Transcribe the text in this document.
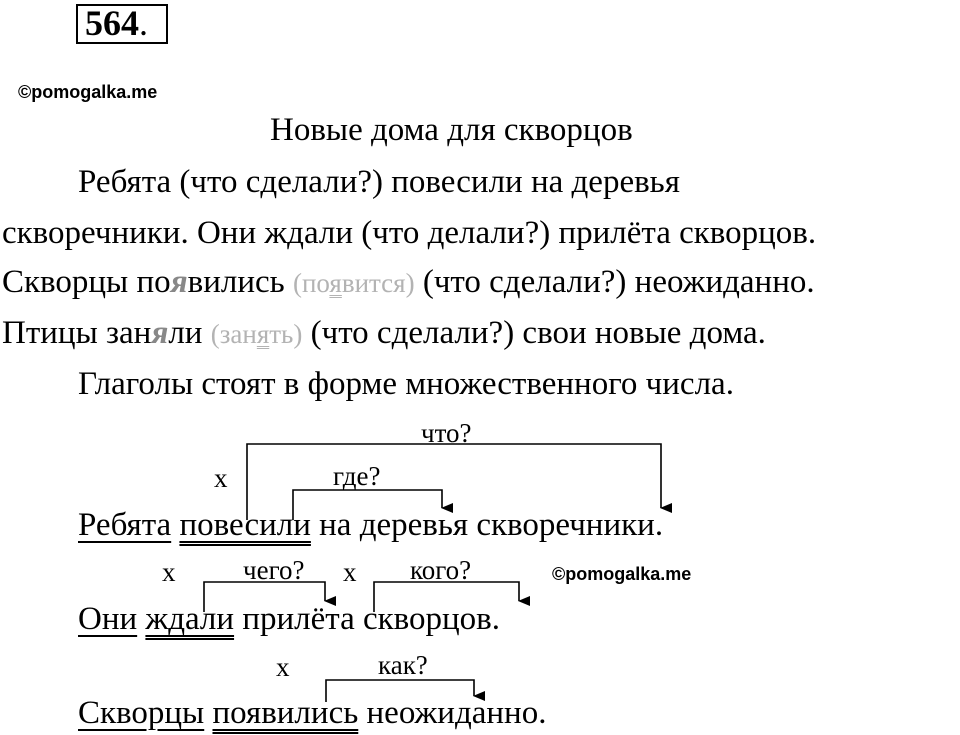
564.
©pomogalka.me
©pomogalka.me
Новые дома для скворцов
Ребята (что сделали?) повесили на деревья
скворечники. Они ждали (что делали?) прилёта скворцов.
Скворцы появились (появится) (что сделали?) неожиданно.
Птицы заняли (занять) (что сделали?) свои новые дома.
Глаголы стоят в форме множественного числа.
что?
х	где?
Ребята повесили на деревья скворечники.
х	чего? х кого?
Они ждали прилёта скворцов.
х	как?
Скворцы появились неожиданно.
